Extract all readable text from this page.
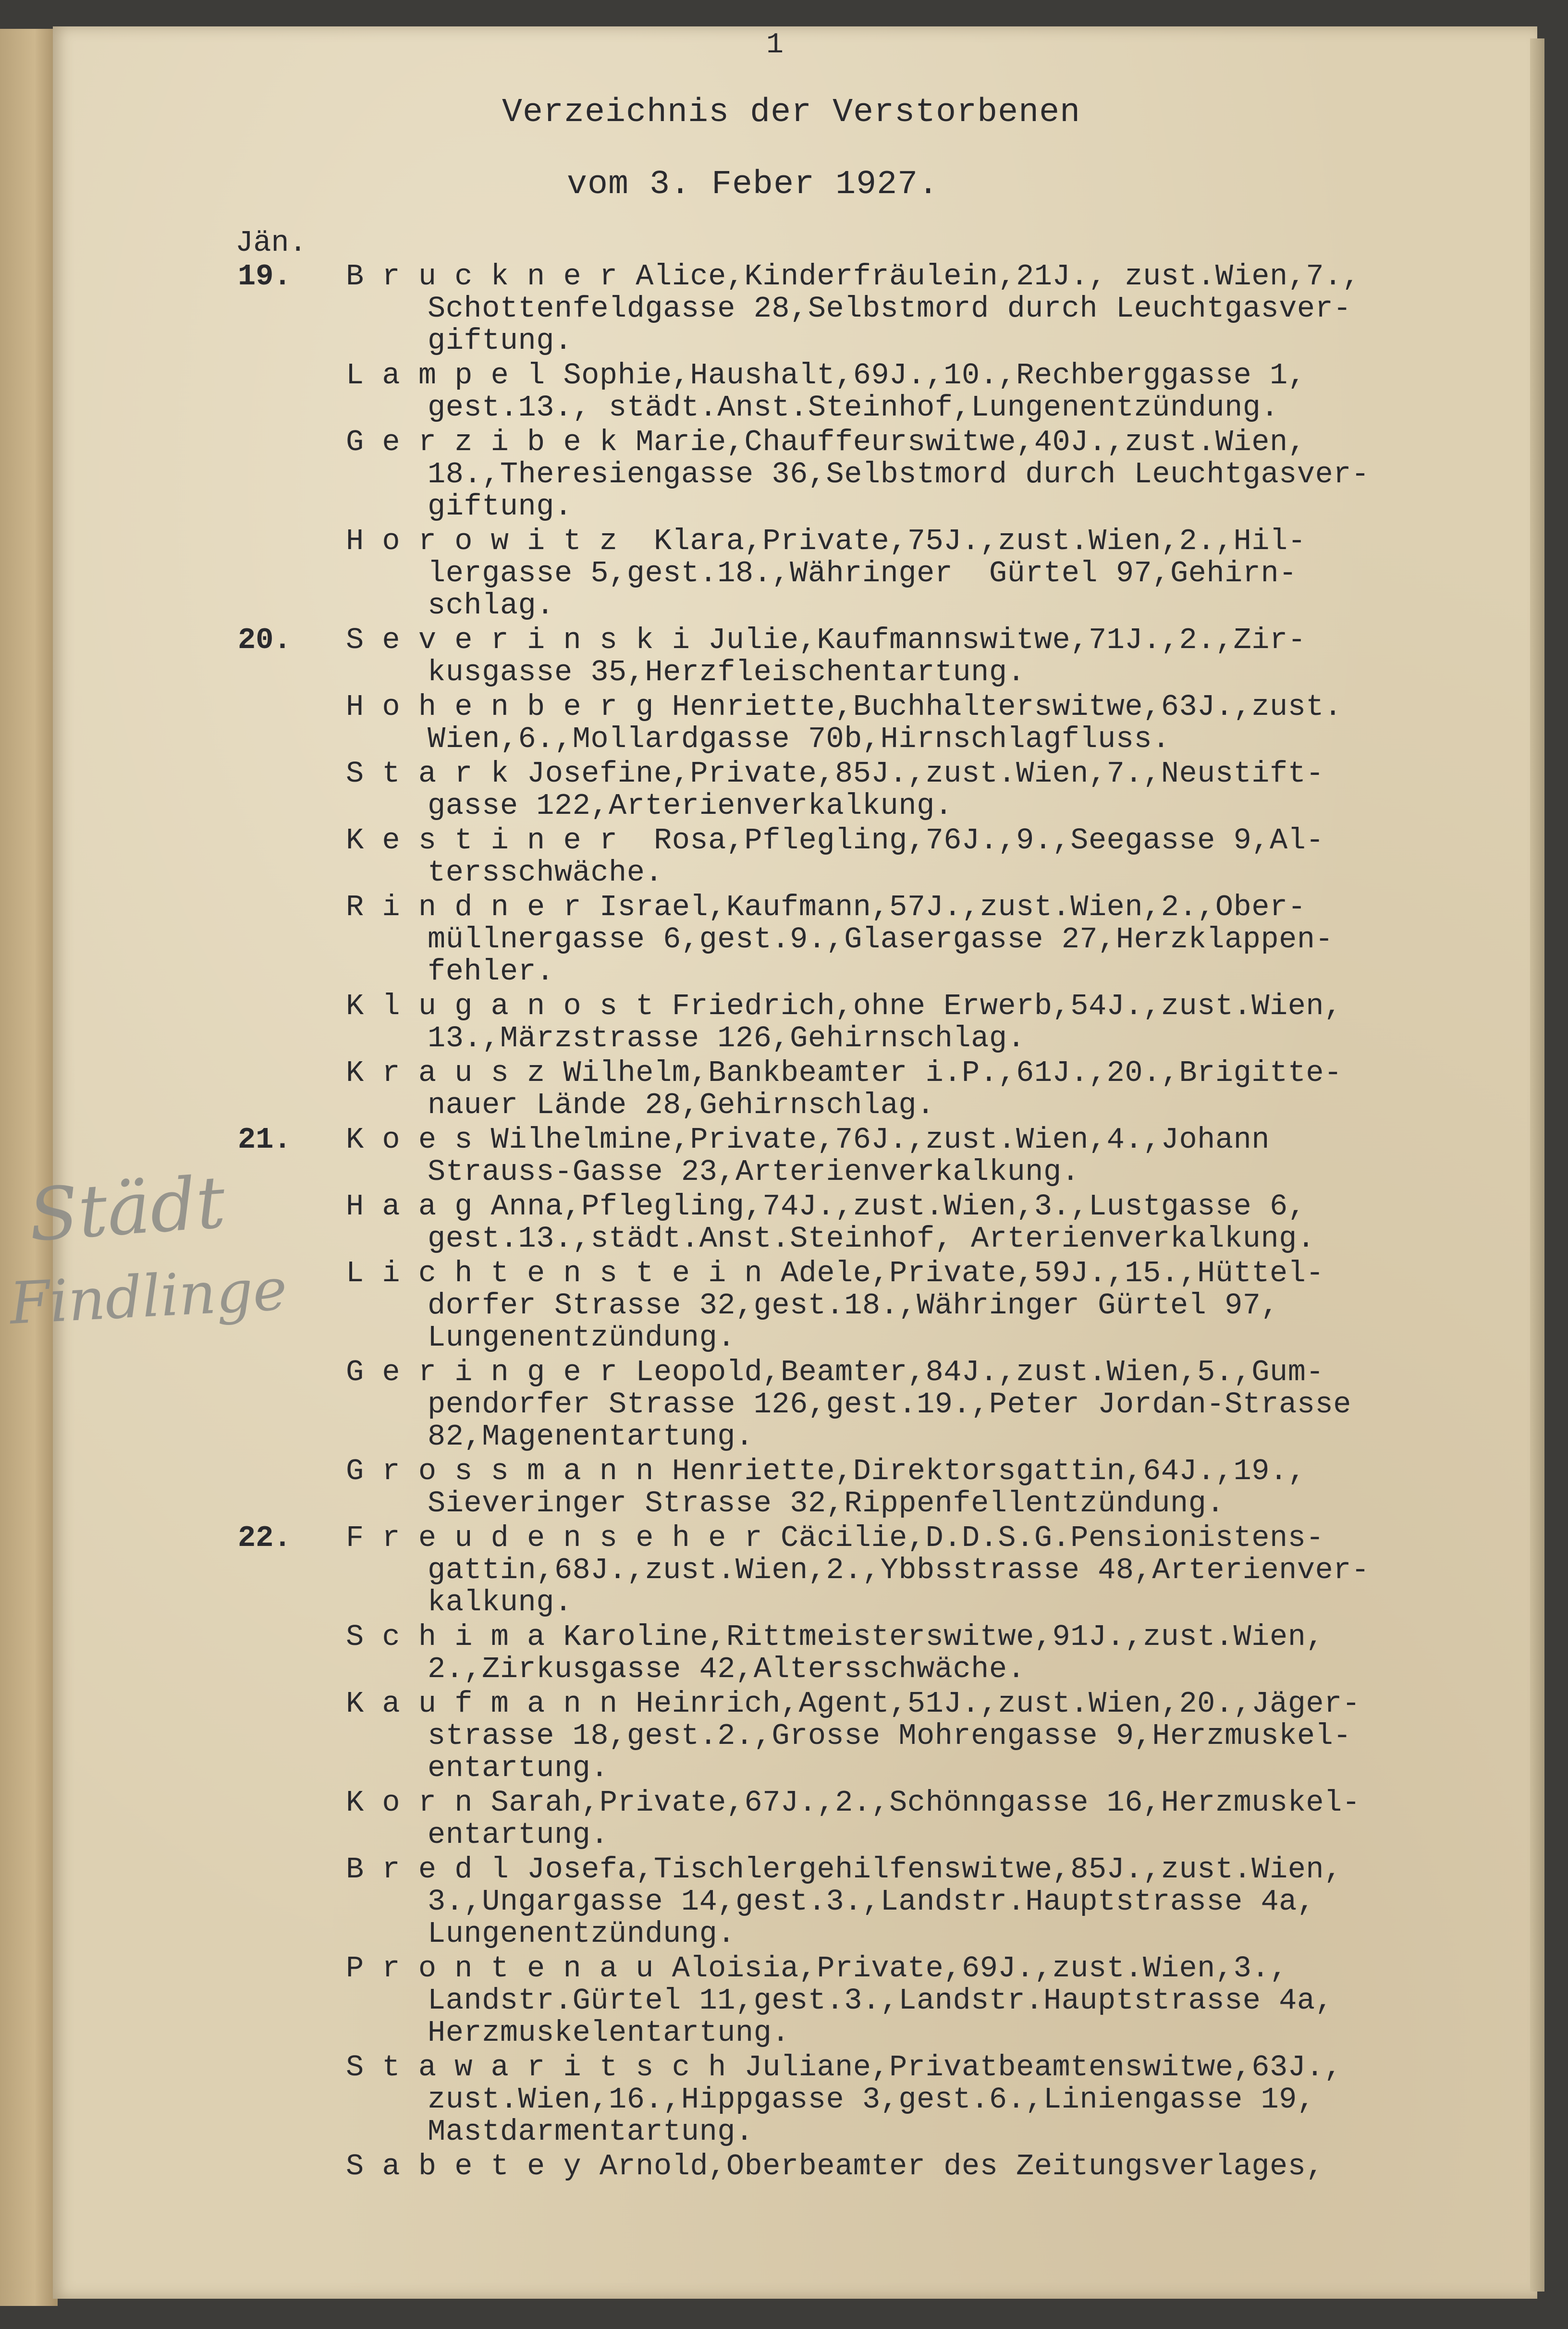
1
Verzeichnis der Verstorbenen
vom 3. Feber 1927.
Jän.
Städt
Findlinge
19. B r u c k n e r Alice,Kinderfräulein,21J., zust.Wien,7.,
Schottenfeldgasse 28,Selbstmord durch Leuchtgasver-
giftung.
L a m p e l Sophie,Haushalt,69J.,10.,Rechberggasse 1,
gest.13., städt.Anst.Steinhof,Lungenentzündung.
G e r z i b e k Marie,Chauffeurswitwe,40J.,zust.Wien,
18.,Theresiengasse 36,Selbstmord durch Leuchtgasver-
giftung.
H o r o w i t z  Klara,Private,75J.,zust.Wien,2.,Hil-
lergasse 5,gest.18.,Währinger  Gürtel 97,Gehirn-
schlag.
20. S e v e r i n s k i Julie,Kaufmannswitwe,71J.,2.,Zir-
kusgasse 35,Herzfleischentartung.
H o h e n b e r g Henriette,Buchhalterswitwe,63J.,zust.
Wien,6.,Mollardgasse 70b,Hirnschlagfluss.
S t a r k Josefine,Private,85J.,zust.Wien,7.,Neustift-
gasse 122,Arterienverkalkung.
K e s t i n e r  Rosa,Pflegling,76J.,9.,Seegasse 9,Al-
tersschwäche.
R i n d n e r Israel,Kaufmann,57J.,zust.Wien,2.,Ober-
müllnergasse 6,gest.9.,Glasergasse 27,Herzklappen-
fehler.
K l u g a n o s t Friedrich,ohne Erwerb,54J.,zust.Wien,
13.,Märzstrasse 126,Gehirnschlag.
K r a u s z Wilhelm,Bankbeamter i.P.,61J.,20.,Brigitte-
nauer Lände 28,Gehirnschlag.
21. K o e s Wilhelmine,Private,76J.,zust.Wien,4.,Johann
Strauss-Gasse 23,Arterienverkalkung.
H a a g Anna,Pflegling,74J.,zust.Wien,3.,Lustgasse 6,
gest.13.,städt.Anst.Steinhof, Arterienverkalkung.
L i c h t e n s t e i n Adele,Private,59J.,15.,Hüttel-
dorfer Strasse 32,gest.18.,Währinger Gürtel 97,
Lungenentzündung.
G e r i n g e r Leopold,Beamter,84J.,zust.Wien,5.,Gum-
pendorfer Strasse 126,gest.19.,Peter Jordan-Strasse
82,Magenentartung.
G r o s s m a n n Henriette,Direktorsgattin,64J.,19.,
Sieveringer Strasse 32,Rippenfellentzündung.
22. F r e u d e n s e h e r Cäcilie,D.D.S.G.Pensionistens-
gattin,68J.,zust.Wien,2.,Ybbsstrasse 48,Arterienver-
kalkung.
S c h i m a Karoline,Rittmeisterswitwe,91J.,zust.Wien,
2.,Zirkusgasse 42,Altersschwäche.
K a u f m a n n Heinrich,Agent,51J.,zust.Wien,20.,Jäger-
strasse 18,gest.2.,Grosse Mohrengasse 9,Herzmuskel-
entartung.
K o r n Sarah,Private,67J.,2.,Schönngasse 16,Herzmuskel-
entartung.
B r e d l Josefa,Tischlergehilfenswitwe,85J.,zust.Wien,
3.,Ungargasse 14,gest.3.,Landstr.Hauptstrasse 4a,
Lungenentzündung.
P r o n t e n a u Aloisia,Private,69J.,zust.Wien,3.,
Landstr.Gürtel 11,gest.3.,Landstr.Hauptstrasse 4a,
Herzmuskelentartung.
S t a w a r i t s c h Juliane,Privatbeamtenswitwe,63J.,
zust.Wien,16.,Hippgasse 3,gest.6.,Liniengasse 19,
Mastdarmentartung.
S a b e t e y Arnold,Oberbeamter des Zeitungsverlages,
